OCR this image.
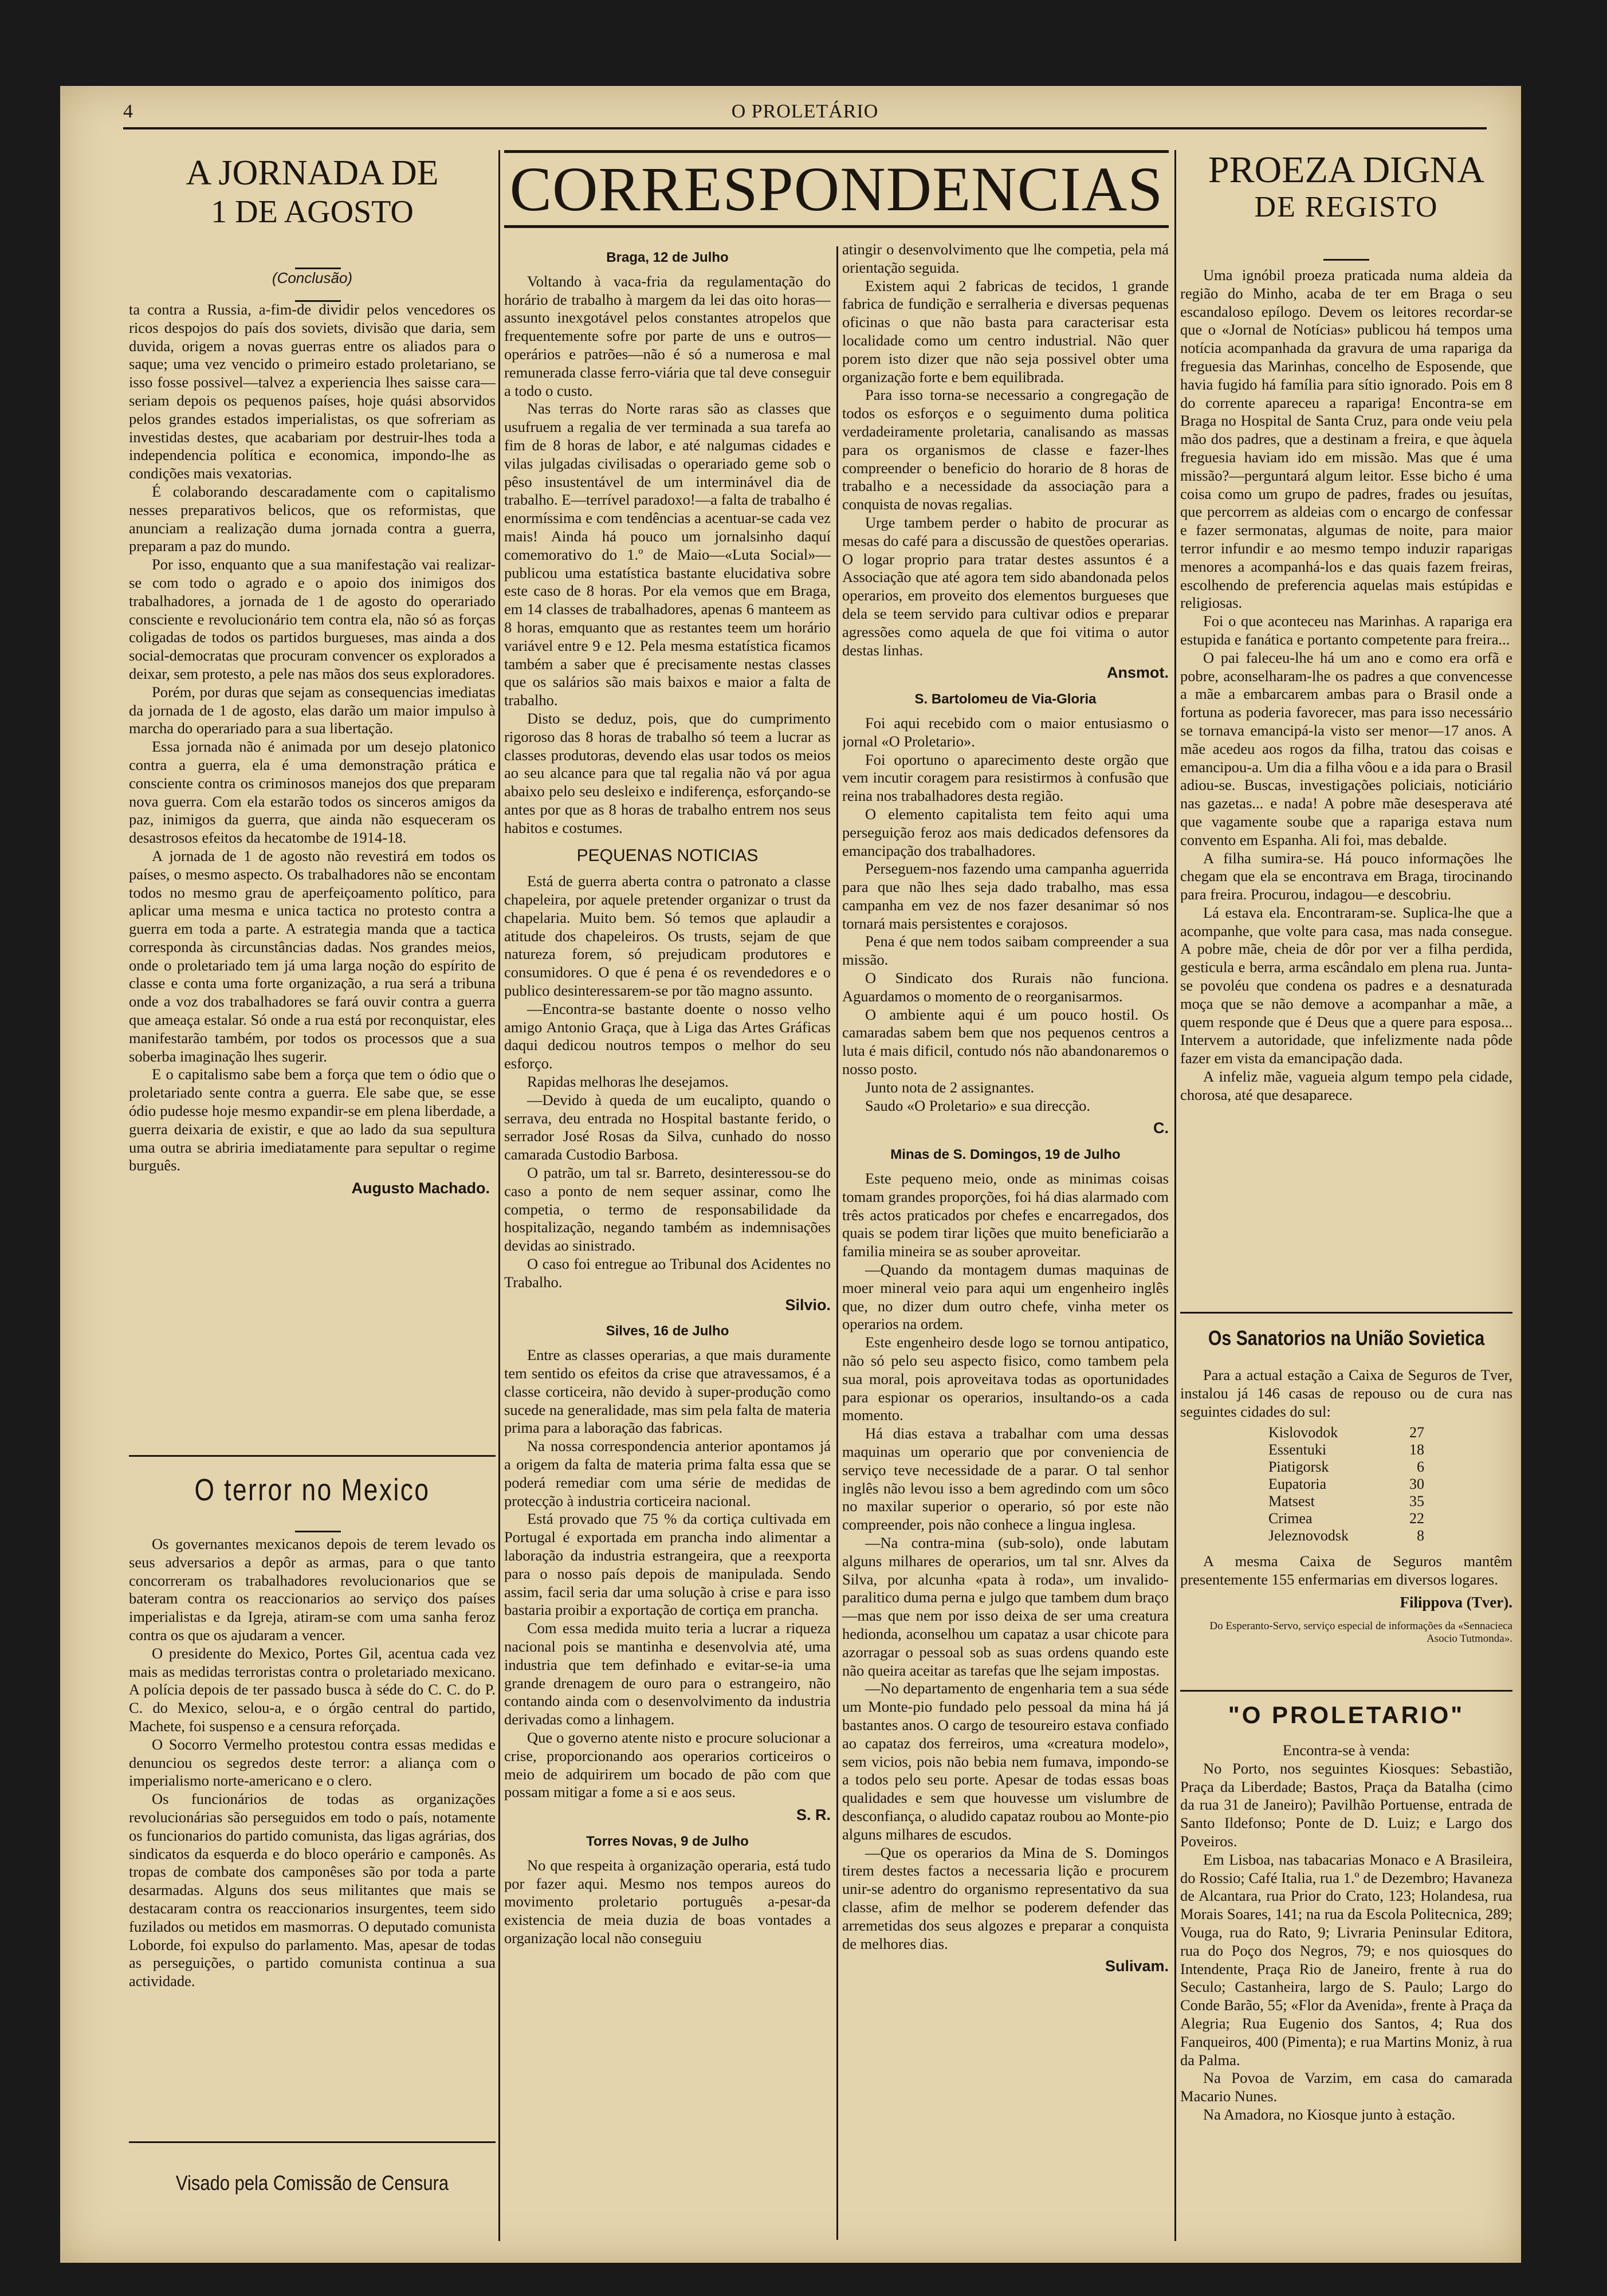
4	O PROLETÁRIO
A JORNADA DE
1 DE AGOSTO
(Conclusão)

ta contra a Russia, a-fim-de dividir pelos vencedores os ricos despojos do país dos soviets, divisão que daria, sem duvida, origem a novas guerras entre os aliados para o saque; uma vez vencido o primeiro estado proletariano, se isso fosse possivel—talvez a experiencia lhes saisse cara—seriam depois os pequenos países, hoje quási absorvidos pelos grandes estados imperialistas, os que sofreriam as investidas destes, que acabariam por destruir-lhes toda a independencia política e economica, impondo-lhe as condições mais vexatorias.

É colaborando descaradamente com o capitalismo nesses preparativos belicos, que os reformistas, que anunciam a realização duma jornada contra a guerra, preparam a paz do mundo.

Por isso, enquanto que a sua manifestação vai realizar-se com todo o agrado e o apoio dos inimigos dos trabalhadores, a jornada de 1 de agosto do operariado consciente e revolucionário tem contra ela, não só as forças coligadas de todos os partidos burgueses, mas ainda a dos social-democratas que procuram convencer os explorados a deixar, sem protesto, a pele nas mãos dos seus exploradores.

Porém, por duras que sejam as consequencias imediatas da jornada de 1 de agosto, elas darão um maior impulso à marcha do operariado para a sua libertação.

Essa jornada não é animada por um desejo platonico contra a guerra, ela é uma demonstração prática e consciente contra os criminosos manejos dos que preparam nova guerra. Com ela estarão todos os sinceros amigos da paz, inimigos da guerra, que ainda não esqueceram os desastrosos efeitos da hecatombe de 1914-18.

A jornada de 1 de agosto não revestirá em todos os países, o mesmo aspecto. Os trabalhadores não se encontam todos no mesmo grau de aperfeiçoamento político, para aplicar uma mesma e unica tactica no protesto contra a guerra em toda a parte. A estrategia manda que a tactica corresponda às circunstâncias dadas. Nos grandes meios, onde o proletariado tem já uma larga noção do espírito de classe e conta uma forte organização, a rua será a tribuna onde a voz dos trabalhadores se fará ouvir contra a guerra que ameaça estalar. Só onde a rua está por reconquistar, eles manifestarão também, por todos os processos que a sua soberba imaginação lhes sugerir.

E o capitalismo sabe bem a força que tem o ódio que o proletariado sente contra a guerra. Ele sabe que, se esse ódio pudesse hoje mesmo expandir-se em plena liberdade, a guerra deixaria de existir, e que ao lado da sua sepultura uma outra se abriria imediatamente para sepultar o regime burguês.

Augusto Machado.
O terror no Mexico

Os governantes mexicanos depois de terem levado os seus adversarios a depôr as armas, para o que tanto concorreram os trabalhadores revolucionarios que se bateram contra os reaccionarios ao serviço dos países imperialistas e da Igreja, atiram-se com uma sanha feroz contra os que os ajudaram a vencer.

O presidente do Mexico, Portes Gil, acentua cada vez mais as medidas terroristas contra o proletariado mexicano. A polícia depois de ter passado busca à séde do C. C. do P. C. do Mexico, selou-a, e o órgão central do partido, Machete, foi suspenso e a censura reforçada.

O Socorro Vermelho protestou contra essas medidas e denunciou os segredos deste terror: a aliança com o imperialismo norte-americano e o clero.

Os funcionários de todas as organizações revolucionárias são perseguidos em todo o país, notamente os funcionarios do partido comunista, das ligas agrárias, dos sindicatos da esquerda e do bloco operário e camponês. As tropas de combate dos camponêses são por toda a parte desarmadas. Alguns dos seus militantes que mais se destacaram contra os reaccionarios insurgentes, teem sido fuzilados ou metidos em masmorras. O deputado comunista Loborde, foi expulso do parlamento. Mas, apesar de todas as perseguições, o partido comunista continua a sua actividade.

Visado pela Comissão de Censura
CORRESPONDENCIAS
Braga, 12 de Julho

Voltando à vaca-fria da regulamentação do horário de trabalho à margem da lei das oito horas—assunto inexgotável pelos constantes atropelos que frequentemente sofre por parte de uns e outros—operários e patrões—não é só a numerosa e mal remunerada classe ferro-viária que tal deve conseguir a todo o custo.

Nas terras do Norte raras são as classes que usufruem a regalia de ver terminada a sua tarefa ao fim de 8 horas de labor, e até nalgumas cidades e vilas julgadas civilisadas o operariado geme sob o pêso insustentável de um interminável dia de trabalho. E—terrível paradoxo!—a falta de trabalho é enormíssima e com tendências a acentuar-se cada vez mais! Ainda há pouco um jornalsinho daquí comemorativo do 1.º de Maio—«Luta Social»—publicou uma estatística bastante elucidativa sobre este caso de 8 horas. Por ela vemos que em Braga, em 14 classes de trabalhadores, apenas 6 manteem as 8 horas, emquanto que as restantes teem um horário variável entre 9 e 12. Pela mesma estatística ficamos também a saber que é precisamente nestas classes que os salários são mais baixos e maior a falta de trabalho.

Disto se deduz, pois, que do cumprimento rigoroso das 8 horas de trabalho só teem a lucrar as classes produtoras, devendo elas usar todos os meios ao seu alcance para que tal regalia não vá por agua abaixo pelo seu desleixo e indiferença, esforçando-se antes por que as 8 horas de trabalho entrem nos seus habitos e costumes.

PEQUENAS NOTICIAS

Está de guerra aberta contra o patronato a classe chapeleira, por aquele pretender organizar o trust da chapelaria. Muito bem. Só temos que aplaudir a atitude dos chapeleiros. Os trusts, sejam de que natureza forem, só prejudicam produtores e consumidores. O que é pena é os revendedores e o publico desinteressarem-se por tão magno assunto.

—Encontra-se bastante doente o nosso velho amigo Antonio Graça, que à Liga das Artes Gráficas daqui dedicou noutros tempos o melhor do seu esforço.

Rapidas melhoras lhe desejamos.

—Devido à queda de um eucalipto, quando o serrava, deu entrada no Hospital bastante ferido, o serrador José Rosas da Silva, cunhado do nosso camarada Custodio Barbosa.

O patrão, um tal sr. Barreto, desinteressou-se do caso a ponto de nem sequer assinar, como lhe competia, o termo de responsabilidade da hospitalização, negando também as indemnisações devidas ao sinistrado.

O caso foi entregue ao Tribunal dos Acidentes no Trabalho.

Silvio.
Silves, 16 de Julho

Entre as classes operarias, a que mais duramente tem sentido os efeitos da crise que atravessamos, é a classe corticeira, não devido à super-produção como sucede na generalidade, mas sim pela falta de materia prima para a laboração das fabricas.

Na nossa correspondencia anterior apontamos já a origem da falta de materia prima falta essa que se poderá remediar com uma série de medidas de protecção à industria corticeira nacional.

Está provado que 75 % da cortiça cultivada em Portugal é exportada em prancha indo alimentar a laboração da industria estrangeira, que a reexporta para o nosso país depois de manipulada. Sendo assim, facil seria dar uma solução à crise e para isso bastaria proibir a exportação de cortiça em prancha.

Com essa medida muito teria a lucrar a riqueza nacional pois se mantinha e desenvolvia até, uma industria que tem definhado e evitar-se-ia uma grande drenagem de ouro para o estrangeiro, não contando ainda com o desenvolvimento da industria derivadas como a linhagem.

Que o governo atente nisto e procure solucionar a crise, proporcionando aos operarios corticeiros o meio de adquirirem um bocado de pão com que possam mitigar a fome a si e aos seus.

S. R.
Torres Novas, 9 de Julho

No que respeita à organização operaria, está tudo por fazer aqui. Mesmo nos tempos aureos do movimento proletario português a-pesar-da existencia de meia duzia de boas vontades a organização local não conseguiu

atingir o desenvolvimento que lhe competia, pela má orientação seguida.

Existem aqui 2 fabricas de tecidos, 1 grande fabrica de fundição e serralheria e diversas pequenas oficinas o que não basta para caracterisar esta localidade como um centro industrial. Não quer porem isto dizer que não seja possivel obter uma organização forte e bem equilibrada.

Para isso torna-se necessario a congregação de todos os esforços e o seguimento duma politica verdadeiramente proletaria, canalisando as massas para os organismos de classe e fazer-lhes compreender o beneficio do horario de 8 horas de trabalho e a necessidade da associação para a conquista de novas regalias.

Urge tambem perder o habito de procurar as mesas do café para a discussão de questões operarias. O logar proprio para tratar destes assuntos é a Associação que até agora tem sido abandonada pelos operarios, em proveito dos elementos burgueses que dela se teem servido para cultivar odios e preparar agressões como aquela de que foi vitima o autor destas linhas.

Ansmot.
S. Bartolomeu de Via-Gloria

Foi aqui recebido com o maior entusiasmo o jornal «O Proletario».

Foi oportuno o aparecimento deste orgão que vem incutir coragem para resistirmos à confusão que reina nos trabalhadores desta região.

O elemento capitalista tem feito aqui uma perseguição feroz aos mais dedicados defensores da emancipação dos trabalhadores.

Perseguem-nos fazendo uma campanha aguerrida para que não lhes seja dado trabalho, mas essa campanha em vez de nos fazer desanimar só nos tornará mais persistentes e corajosos.

Pena é que nem todos saibam compreender a sua missão.

O Sindicato dos Rurais não funciona. Aguardamos o momento de o reorganisarmos.

O ambiente aqui é um pouco hostil. Os camaradas sabem bem que nos pequenos centros a luta é mais dificil, contudo nós não abandonaremos o nosso posto.

Junto nota de 2 assignantes.

Saudo «O Proletario» e sua direcção.

C.
Minas de S. Domingos, 19 de Julho

Este pequeno meio, onde as minimas coisas tomam grandes proporções, foi há dias alarmado com três actos praticados por chefes e encarregados, dos quais se podem tirar lições que muito beneficiarão a familia mineira se as souber aproveitar.

—Quando da montagem dumas maquinas de moer mineral veio para aqui um engenheiro inglês que, no dizer dum outro chefe, vinha meter os operarios na ordem.

Este engenheiro desde logo se tornou antipatico, não só pelo seu aspecto fisico, como tambem pela sua moral, pois aproveitava todas as oportunidades para espionar os operarios, insultando-os a cada momento.

Há dias estava a trabalhar com uma dessas maquinas um operario que por conveniencia de serviço teve necessidade de a parar. O tal senhor inglês não levou isso a bem agredindo com um sôco no maxilar superior o operario, só por este não compreender, pois não conhece a lingua inglesa.

—Na contra-mina (sub-solo), onde labutam alguns milhares de operarios, um tal snr. Alves da Silva, por alcunha «pata à roda», um invalido-paralitico duma perna e julgo que tambem dum braço—mas que nem por isso deixa de ser uma creatura hedionda, aconselhou um capataz a usar chicote para azorragar o pessoal sob as suas ordens quando este não queira aceitar as tarefas que lhe sejam impostas.

—No departamento de engenharia tem a sua séde um Monte-pio fundado pelo pessoal da mina há já bastantes anos. O cargo de tesoureiro estava confiado ao capataz dos ferreiros, uma «creatura modelo», sem vicios, pois não bebia nem fumava, impondo-se a todos pelo seu porte. Apesar de todas essas boas qualidades e sem que houvesse um vislumbre de desconfiança, o aludido capataz roubou ao Monte-pio alguns milhares de escudos.

—Que os operarios da Mina de S. Domingos tirem destes factos a necessaria lição e procurem unir-se adentro do organismo representativo da sua classe, afim de melhor se poderem defender das arremetidas dos seus algozes e preparar a conquista de melhores dias.

Sulivam.
PROEZA DIGNA
DE REGISTO

Uma ignóbil proeza praticada numa aldeia da região do Minho, acaba de ter em Braga o seu escandaloso epílogo. Devem os leitores recordar-se que o «Jornal de Notícias» publicou há tempos uma notícia acompanhada da gravura de uma rapariga da freguesia das Marinhas, concelho de Esposende, que havia fugido há família para sítio ignorado. Pois em 8 do corrente apareceu a rapariga! Encontra-se em Braga no Hospital de Santa Cruz, para onde veiu pela mão dos padres, que a destinam a freira, e que àquela freguesia haviam ido em missão. Mas que é uma missão?—perguntará algum leitor. Esse bicho é uma coisa como um grupo de padres, frades ou jesuítas, que percorrem as aldeias com o encargo de confessar e fazer sermonatas, algumas de noite, para maior terror infundir e ao mesmo tempo induzir raparigas menores a acompanhá-los e das quais fazem freiras, escolhendo de preferencia aquelas mais estúpidas e religiosas.

Foi o que aconteceu nas Marinhas. A rapariga era estupida e fanática e portanto competente para freira...

O pai faleceu-lhe há um ano e como era orfã e pobre, aconselharam-lhe os padres a que convencesse a mãe a embarcarem ambas para o Brasil onde a fortuna as poderia favorecer, mas para isso necessário se tornava emancipá-la visto ser menor—17 anos. A mãe acedeu aos rogos da filha, tratou das coisas e emancipou-a. Um dia a filha vôou e a ida para o Brasil adiou-se. Buscas, investigações policiais, noticiário nas gazetas... e nada! A pobre mãe desesperava até que vagamente soube que a rapariga estava num convento em Espanha. Ali foi, mas debalde.

A filha sumira-se. Há pouco informações lhe chegam que ela se encontrava em Braga, tirocinando para freira. Procurou, indagou—e descobriu.

Lá estava ela. Encontraram-se. Suplica-lhe que a acompanhe, que volte para casa, mas nada consegue. A pobre mãe, cheia de dôr por ver a filha perdida, gesticula e berra, arma escândalo em plena rua. Junta-se povoléu que condena os padres e a desnaturada moça que se não demove a acompanhar a mãe, a quem responde que é Deus que a quere para esposa... Intervem a autoridade, que infelizmente nada pôde fazer em vista da emancipação dada.

A infeliz mãe, vagueia algum tempo pela cidade, chorosa, até que desaparece.

Os Sanatorios na União Sovietica

Para a actual estação a Caixa de Seguros de Tver, instalou já 146 casas de repouso ou de cura nas seguintes cidades do sul:

Kislovodok	27
Essentuki	18
Piatigorsk	6
Eupatoria	30
Matsest	35
Crimea	22
Jeleznovodsk	8

A mesma Caixa de Seguros mantêm presentemente 155 enfermarias em diversos logares.

Filippova (Tver).
Do Esperanto-Servo, serviço especial de informações da «Sennacieca Asocio Tutmonda».
"O PROLETARIO"

Encontra-se à venda:

No Porto, nos seguintes Kiosques: Sebastião, Praça da Liberdade; Bastos, Praça da Batalha (cimo da rua 31 de Janeiro); Pavilhão Portuense, entrada de Santo Ildefonso; Ponte de D. Luiz; e Largo dos Poveiros.

Em Lisboa, nas tabacarias Monaco e A Brasileira, do Rossio; Café Italia, rua 1.º de Dezembro; Havaneza de Alcantara, rua Prior do Crato, 123; Holandesa, rua Morais Soares, 141; na rua da Escola Politecnica, 289; Vouga, rua do Rato, 9; Livraria Peninsular Editora, rua do Poço dos Negros, 79; e nos quiosques do Intendente, Praça Rio de Janeiro, frente à rua do Seculo; Castanheira, largo de S. Paulo; Largo do Conde Barão, 55; «Flor da Avenida», frente à Praça da Alegria; Rua Eugenio dos Santos, 4; Rua dos Fanqueiros, 400 (Pimenta); e rua Martins Moniz, à rua da Palma.

Na Povoa de Varzim, em casa do camarada Macario Nunes.

Na Amadora, no Kiosque junto à estação.
